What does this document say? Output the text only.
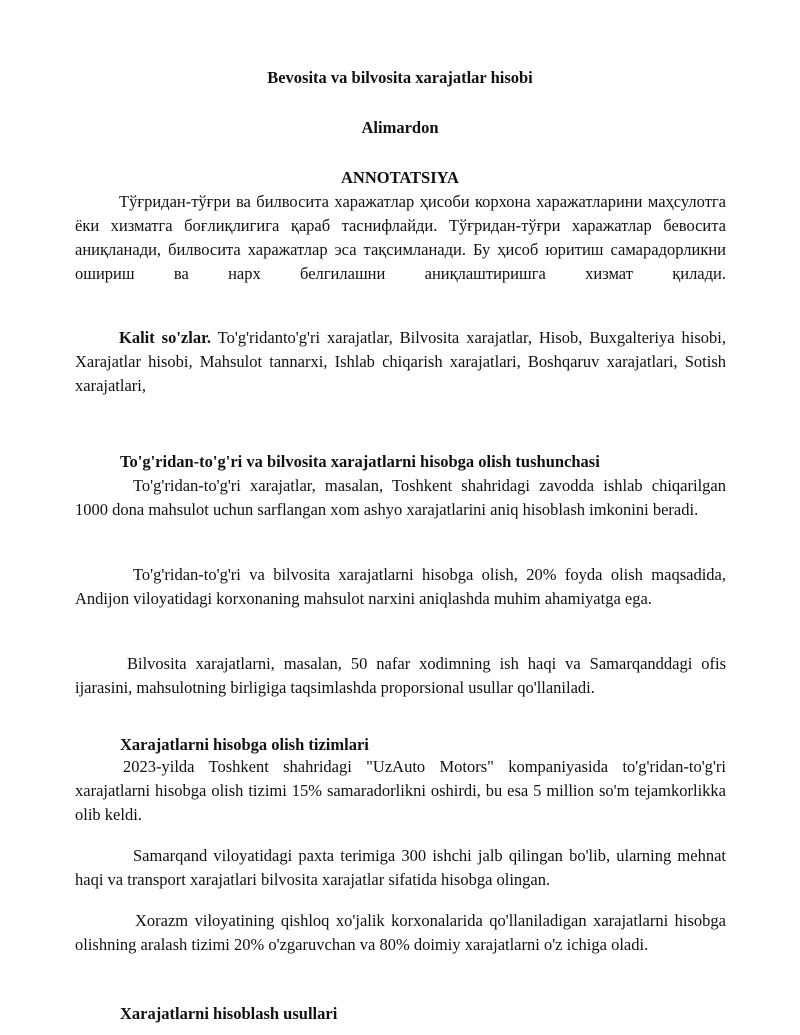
Bevosita va bilvosita xarajatlar hisobi
Alimardon
ANNOTATSIYA

Тўғридан-тўғри ва билвосита харажатлар ҳисоби корхона харажатларини маҳсулотга ёки хизматга боғлиқлигига қараб таснифлайди. Тўғридан-тўғри харажатлар бевосита аниқланади, билвосита харажатлар эса тақсимланади. Бу ҳисоб юритиш самарадорликни ошириш ва нарх белгилашни аниқлаштиришга хизмат қилади.

Kalit so'zlar. To'g'ridanto'g'ri xarajatlar, Bilvosita xarajatlar, Hisob, Buxgalteriya hisobi, Xarajatlar hisobi, Mahsulot tannarxi, Ishlab chiqarish xarajatlari, Boshqaruv xarajatlari, Sotish xarajatlari,

To'g'ridan-to'g'ri va bilvosita xarajatlarni hisobga olish tushunchasi

To'g'ridan-to'g'ri xarajatlar, masalan, Toshkent shahridagi zavodda ishlab chiqarilgan 1000 dona mahsulot uchun sarflangan xom ashyo xarajatlarini aniq hisoblash imkonini beradi.

To'g'ridan-to'g'ri va bilvosita xarajatlarni hisobga olish, 20% foyda olish maqsadida, Andijon viloyatidagi korxonaning mahsulot narxini aniqlashda muhim ahamiyatga ega.

Bilvosita xarajatlarni, masalan, 50 nafar xodimning ish haqi va Samarqanddagi ofis ijarasini, mahsulotning birligiga taqsimlashda proporsional usullar qo'llaniladi.

Xarajatlarni hisobga olish tizimlari

2023-yilda Toshkent shahridagi "UzAuto Motors" kompaniyasida to'g'ridan-to'g'ri xarajatlarni hisobga olish tizimi 15% samaradorlikni oshirdi, bu esa 5 million so'm tejamkorlikka olib keldi.

Samarqand viloyatidagi paxta terimiga 300 ishchi jalb qilingan bo'lib, ularning mehnat haqi va transport xarajatlari bilvosita xarajatlar sifatida hisobga olingan.

Xorazm viloyatining qishloq xo'jalik korxonalarida qo'llaniladigan xarajatlarni hisobga olishning aralash tizimi 20% o'zgaruvchan va 80% doimiy xarajatlarni o'z ichiga oladi.

Xarajatlarni hisoblash usullari
